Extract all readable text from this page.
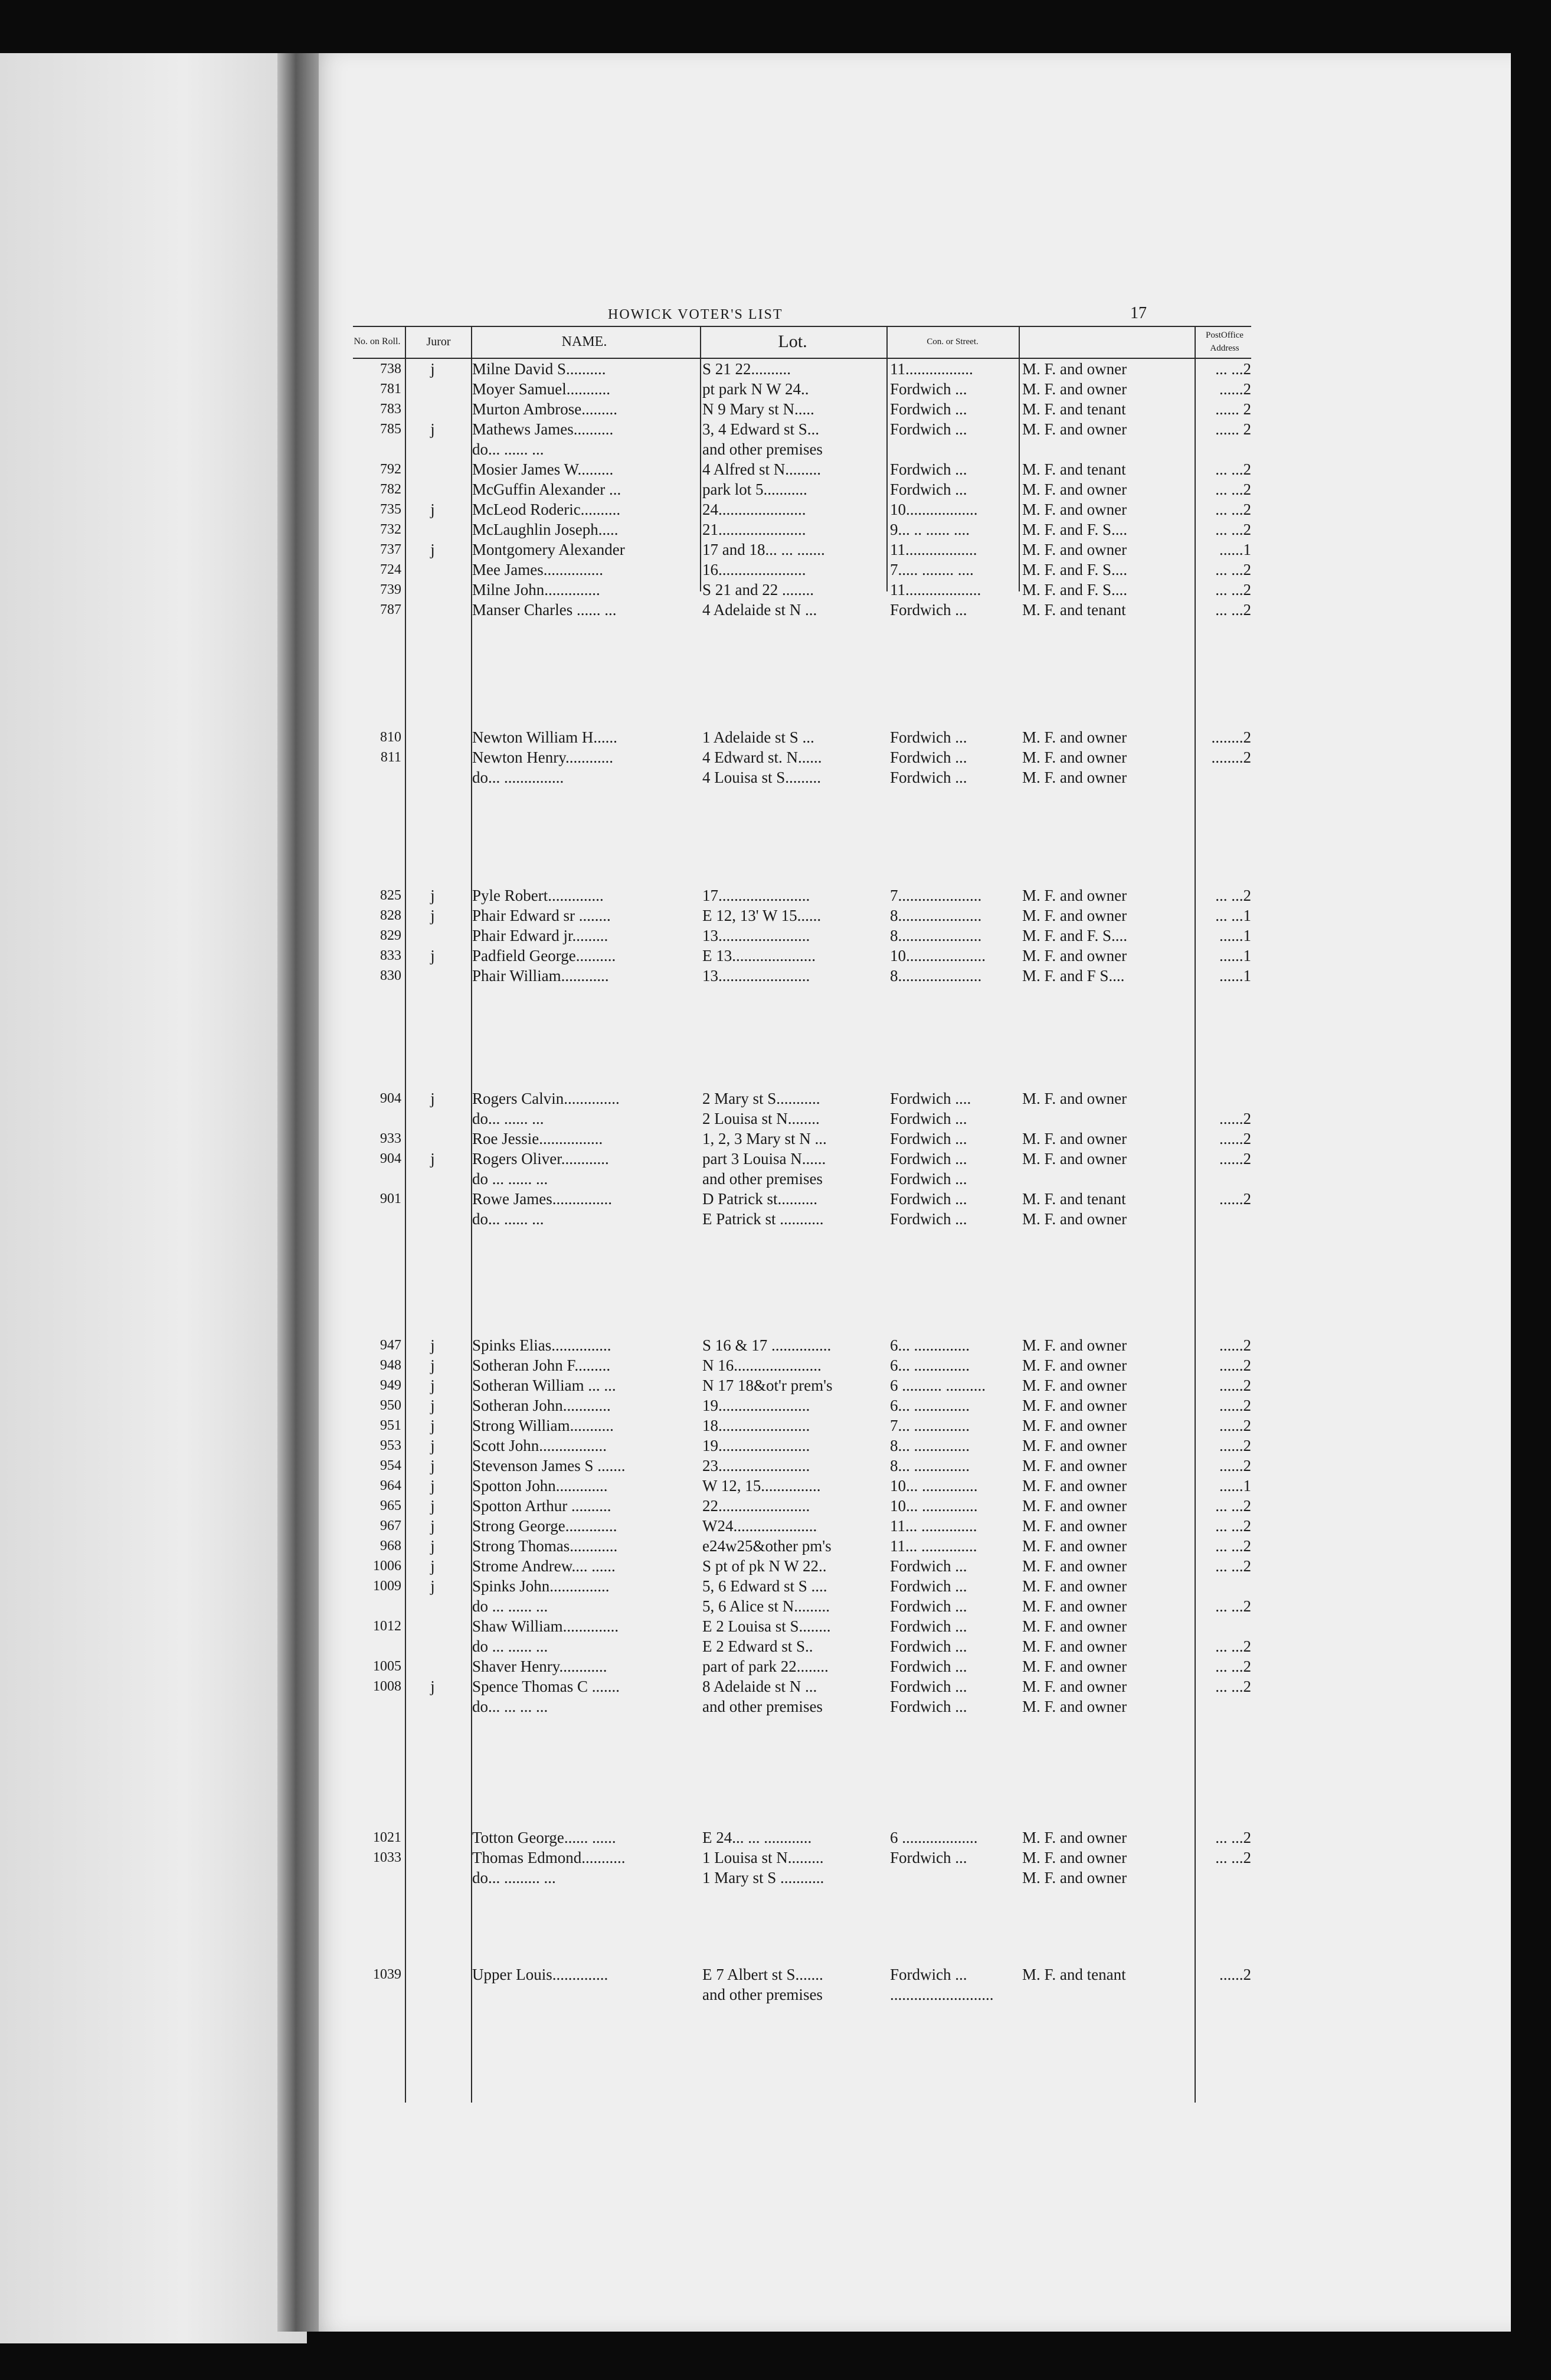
HOWICK VOTER'S LIST	17
No. on Roll.	Juror	NAME.	Lot.	Con. or Street.
PostOffice Address
738	j	Milne David S..........	S 21 22..........	11.................	M. F. and owner	... ...2
781	Moyer Samuel...........	pt park N W 24..	Fordwich ...	M. F. and owner	......2
783	Murton Ambrose.........	N 9 Mary st N.....	Fordwich ...	M. F. and tenant	...... 2
785	j	Mathews James..........	3, 4 Edward st S...	Fordwich ...	M. F. and owner	...... 2
do... ...... ...	and other premises
792	Mosier James W.........	4 Alfred st N.........	Fordwich ...	M. F. and tenant	... ...2
782	McGuffin Alexander ...	park lot 5...........	Fordwich ...	M. F. and owner	... ...2
735	j	McLeod Roderic..........	24......................	10..................	M. F. and owner	... ...2
732	McLaughlin Joseph.....	21......................	9... .. ...... ....	M. F. and F. S....	... ...2
737	j	Montgomery Alexander	17 and 18... ... .......	11..................	M. F. and owner	......1
724	Mee James...............	16......................	7..... ........ ....	M. F. and F. S....	... ...2
739	Milne John..............	S 21 and 22 ........	11...................	M. F. and F. S....	... ...2
787	Manser Charles ...... ...	4 Adelaide st N ...	Fordwich ...	M. F. and tenant	... ...2
810	Newton William H......	1 Adelaide st S ...	Fordwich ...	M. F. and owner	........2
811	Newton Henry............	4 Edward st. N......	Fordwich ...	M. F. and owner	........2
do... ...............	4 Louisa st S.........	Fordwich ...	M. F. and owner
825	j	Pyle Robert..............	17.......................	7.....................	M. F. and owner	... ...2
828	j	Phair Edward sr ........	E 12, 13' W 15......	8.....................	M. F. and owner	... ...1
829	Phair Edward jr.........	13.......................	8.....................	M. F. and F. S....	......1
833	j	Padfield George..........	E 13.....................	10....................	M. F. and owner	......1
830	Phair William............	13.......................	8.....................	M. F. and F S....	......1
904	j	Rogers Calvin..............	2 Mary st S...........	Fordwich ....	M. F. and owner
do... ...... ...	2 Louisa st N........	Fordwich ...	......2
933	Roe Jessie................	1, 2, 3 Mary st N ...	Fordwich ...	M. F. and owner	......2
904	j	Rogers Oliver............	part 3 Louisa N......	Fordwich ...	M. F. and owner	......2
do ... ...... ...	and other premises	Fordwich ...
901	Rowe James...............	D Patrick st..........	Fordwich ...	M. F. and tenant	......2
do... ...... ...	E Patrick st ...........	Fordwich ...	M. F. and owner
947	j	Spinks Elias...............	S 16 & 17 ...............	6... ..............	M. F. and owner	......2
948	j	Sotheran John F.........	N 16......................	6... ..............	M. F. and owner	......2
949	j	Sotheran William ... ...	N 17 18&ot'r prem's	6 .......... ..........	M. F. and owner	......2
950	j	Sotheran John............	19.......................	6... ..............	M. F. and owner	......2
951	j	Strong William...........	18.......................	7... ..............	M. F. and owner	......2
953	j	Scott John.................	19.......................	8... ..............	M. F. and owner	......2
954	j	Stevenson James S .......	23.......................	8... ..............	M. F. and owner	......2
964	j	Spotton John.............	W 12, 15...............	10... ..............	M. F. and owner	......1
965	j	Spotton Arthur ..........	22.......................	10... ..............	M. F. and owner	... ...2
967	j	Strong George.............	W24.....................	11... ..............	M. F. and owner	... ...2
968	j	Strong Thomas............	e24w25&other pm's	11... ..............	M. F. and owner	... ...2
1006	j	Strome Andrew.... ......	S pt of pk N W 22..	Fordwich ...	M. F. and owner	... ...2
1009	j	Spinks John...............	5, 6 Edward st S ....	Fordwich ...	M. F. and owner
do ... ...... ...	5, 6 Alice st N.........	Fordwich ...	M. F. and owner	... ...2
1012	Shaw William..............	E 2 Louisa st S........	Fordwich ...	M. F. and owner
do ... ...... ...	E 2 Edward st S..	Fordwich ...	M. F. and owner	... ...2
1005	Shaver Henry............	part of park 22........	Fordwich ...	M. F. and owner	... ...2
1008	j	Spence Thomas C .......	8 Adelaide st N ...	Fordwich ...	M. F. and owner	... ...2
do... ... ... ...	and other premises	Fordwich ...	M. F. and owner
1021	Totton George...... ......	E 24... ... ............	6 ...................	M. F. and owner	... ...2
1033	Thomas Edmond...........	1 Louisa st N.........	Fordwich ...	M. F. and owner	... ...2
do... ......... ...	1 Mary st S ...........	M. F. and owner
1039	Upper Louis..............	E 7 Albert st S.......	Fordwich ...	M. F. and tenant	......2
and other premises	..........................
